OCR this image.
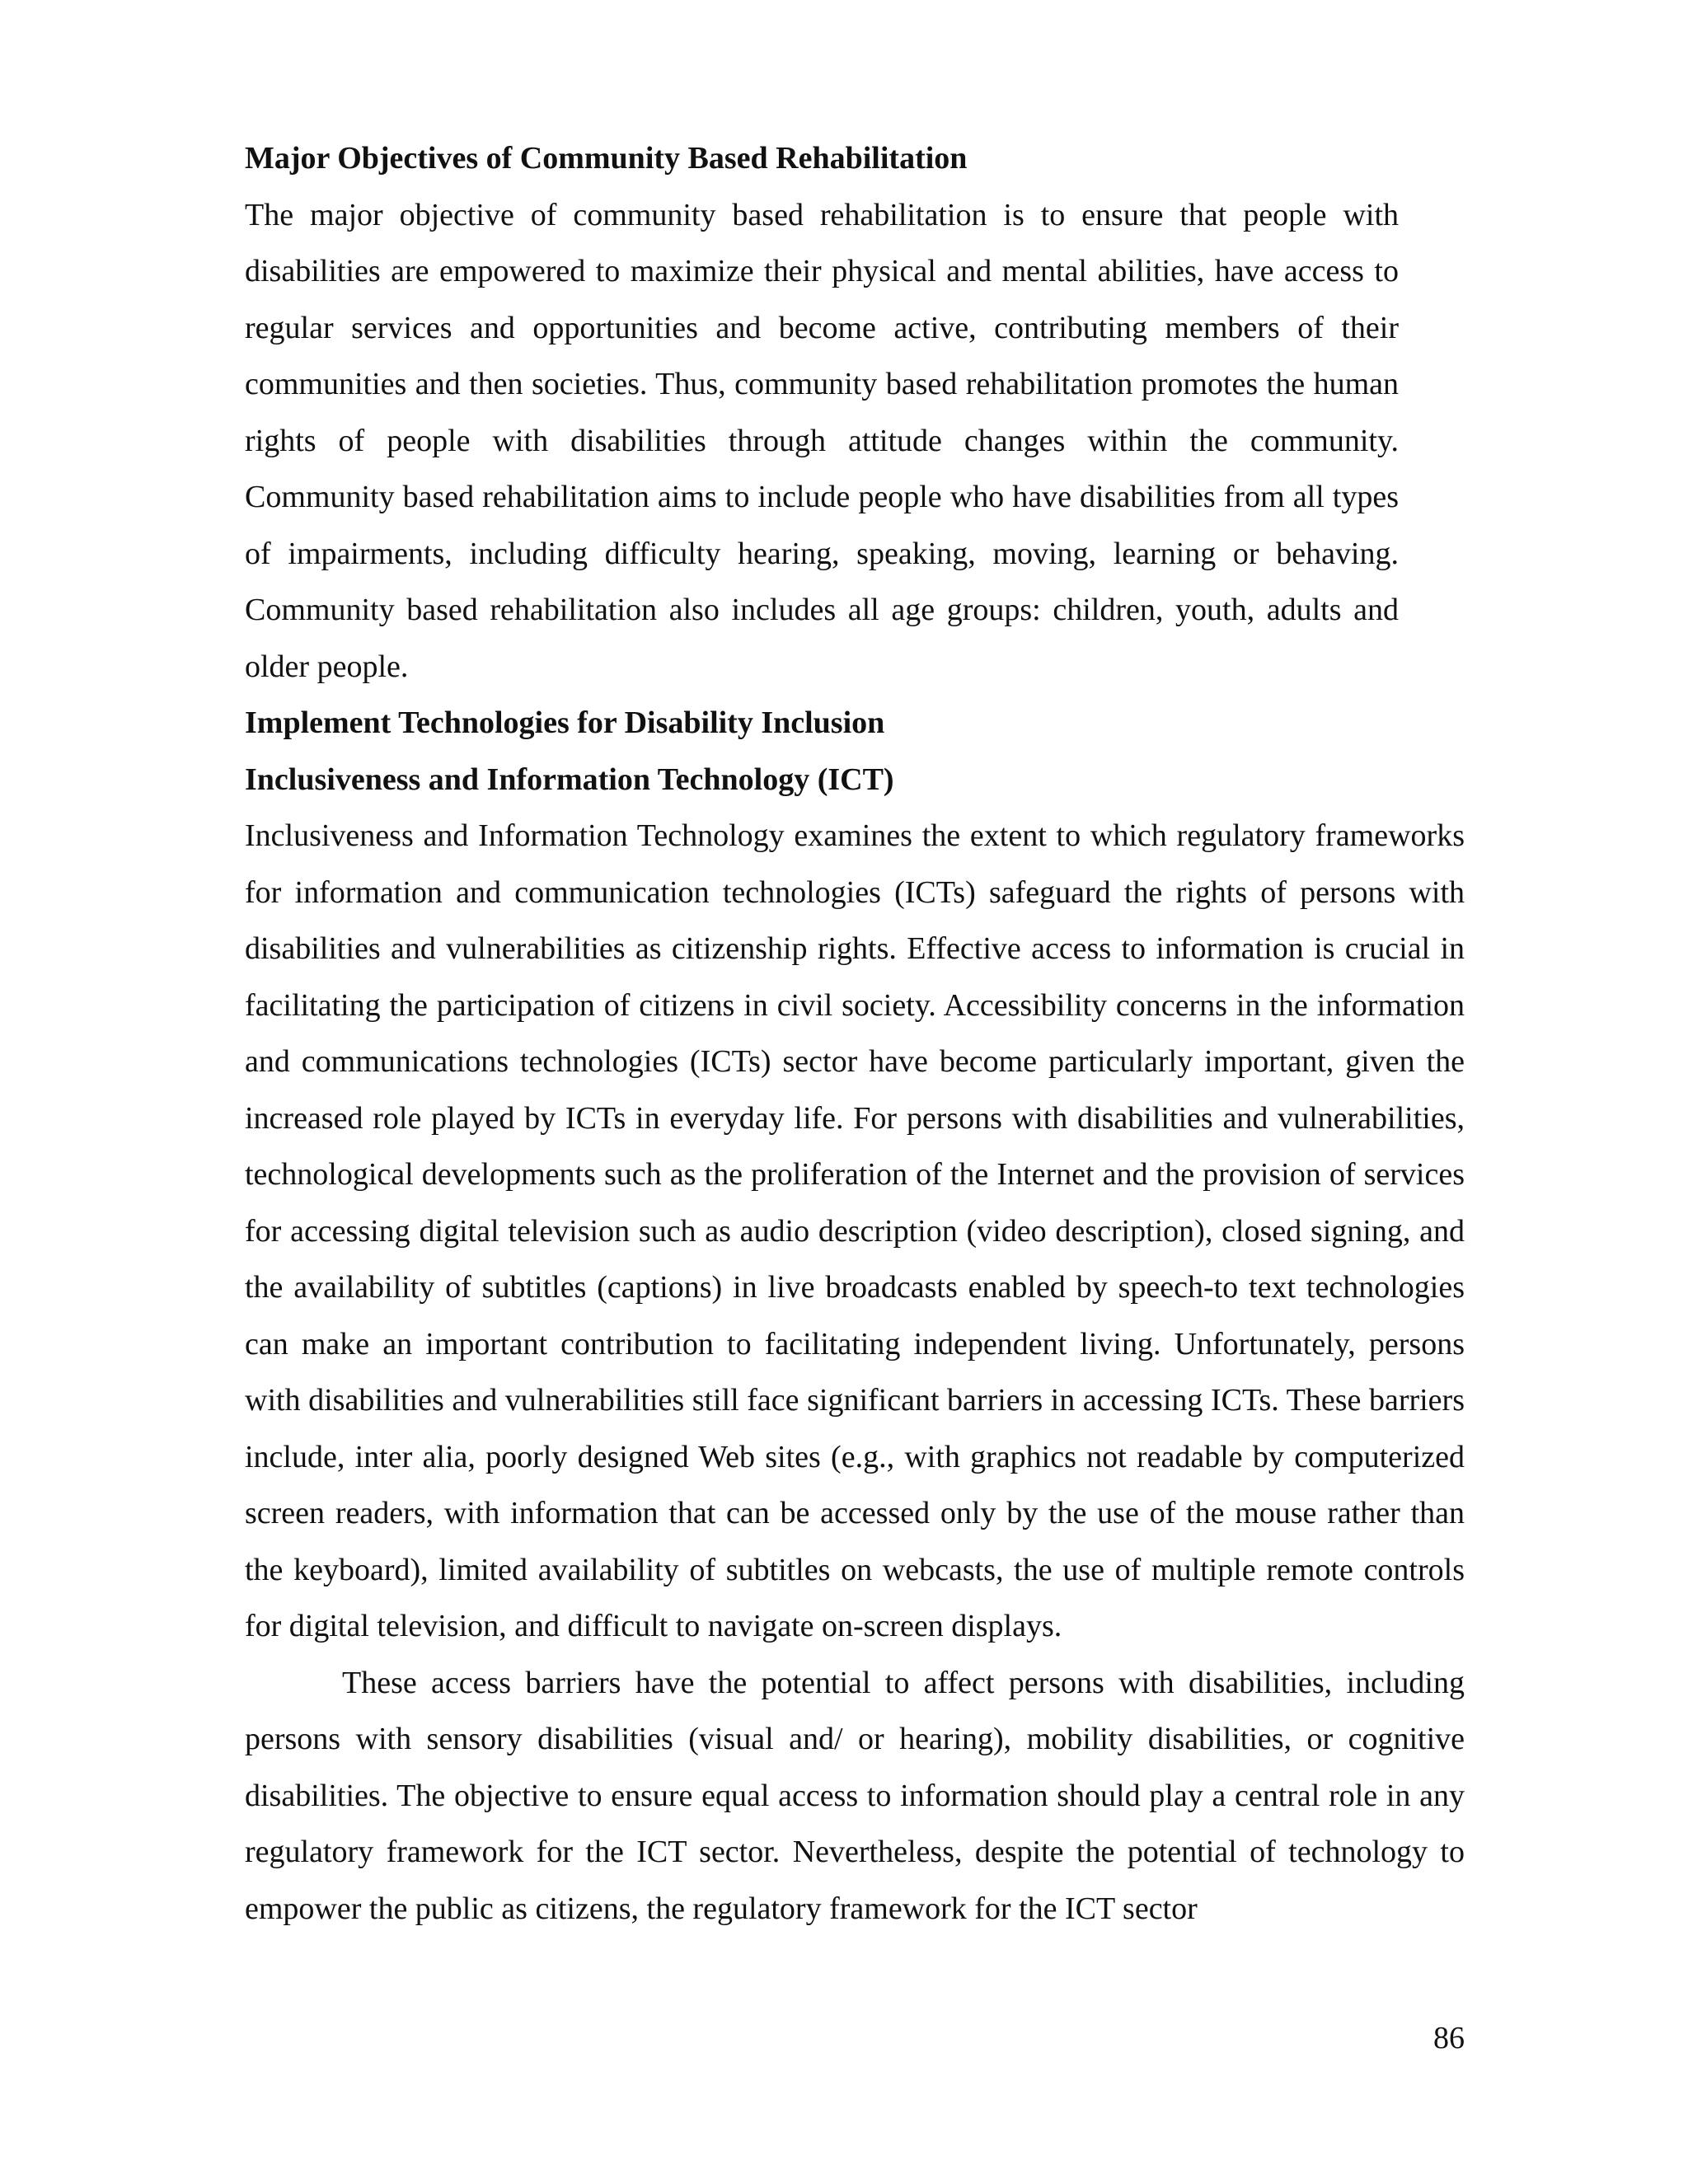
Major Objectives of Community Based Rehabilitation

The major objective of community based rehabilitation is to ensure that people with disabilities are empowered to maximize their physical and mental abilities, have access to regular services and opportunities and become active, contributing members of their communities and then societies. Thus, community based rehabilitation promotes the human rights of people with disabilities through attitude changes within the community. Community based rehabilitation aims to include people who have disabilities from all types of impairments, including difficulty hearing, speaking, moving, learning or behaving. Community based rehabilitation also includes all age groups: children, youth, adults and older people.

Implement Technologies for Disability Inclusion
Inclusiveness and Information Technology (ICT)

Inclusiveness and Information Technology examines the extent to which regulatory frameworks for information and communication technologies (ICTs) safeguard the rights of persons with disabilities and vulnerabilities as citizenship rights. Effective access to information is crucial in facilitating the participation of citizens in civil society. Accessibility concerns in the information and communications technologies (ICTs) sector have become particularly important, given the increased role played by ICTs in everyday life. For persons with disabilities and vulnerabilities, technological developments such as the proliferation of the Internet and the provision of services for accessing digital television such as audio description (video description), closed signing, and the availability of subtitles (captions) in live broadcasts enabled by speech-to text technologies can make an important contribution to facilitating independent living. Unfortunately, persons with disabilities and vulnerabilities still face significant barriers in accessing ICTs. These barriers include, inter alia, poorly designed Web sites (e.g., with graphics not readable by computerized screen readers, with information that can be accessed only by the use of the mouse rather than the keyboard), limited availability of subtitles on webcasts, the use of multiple remote controls for digital television, and difficult to navigate on-screen displays.

These access barriers have the potential to affect persons with disabilities, including persons with sensory disabilities (visual and/ or hearing), mobility disabilities, or cognitive disabilities. The objective to ensure equal access to information should play a central role in any regulatory framework for the ICT sector. Nevertheless, despite the potential of technology to empower the public as citizens, the regulatory framework for the ICT sector

86
